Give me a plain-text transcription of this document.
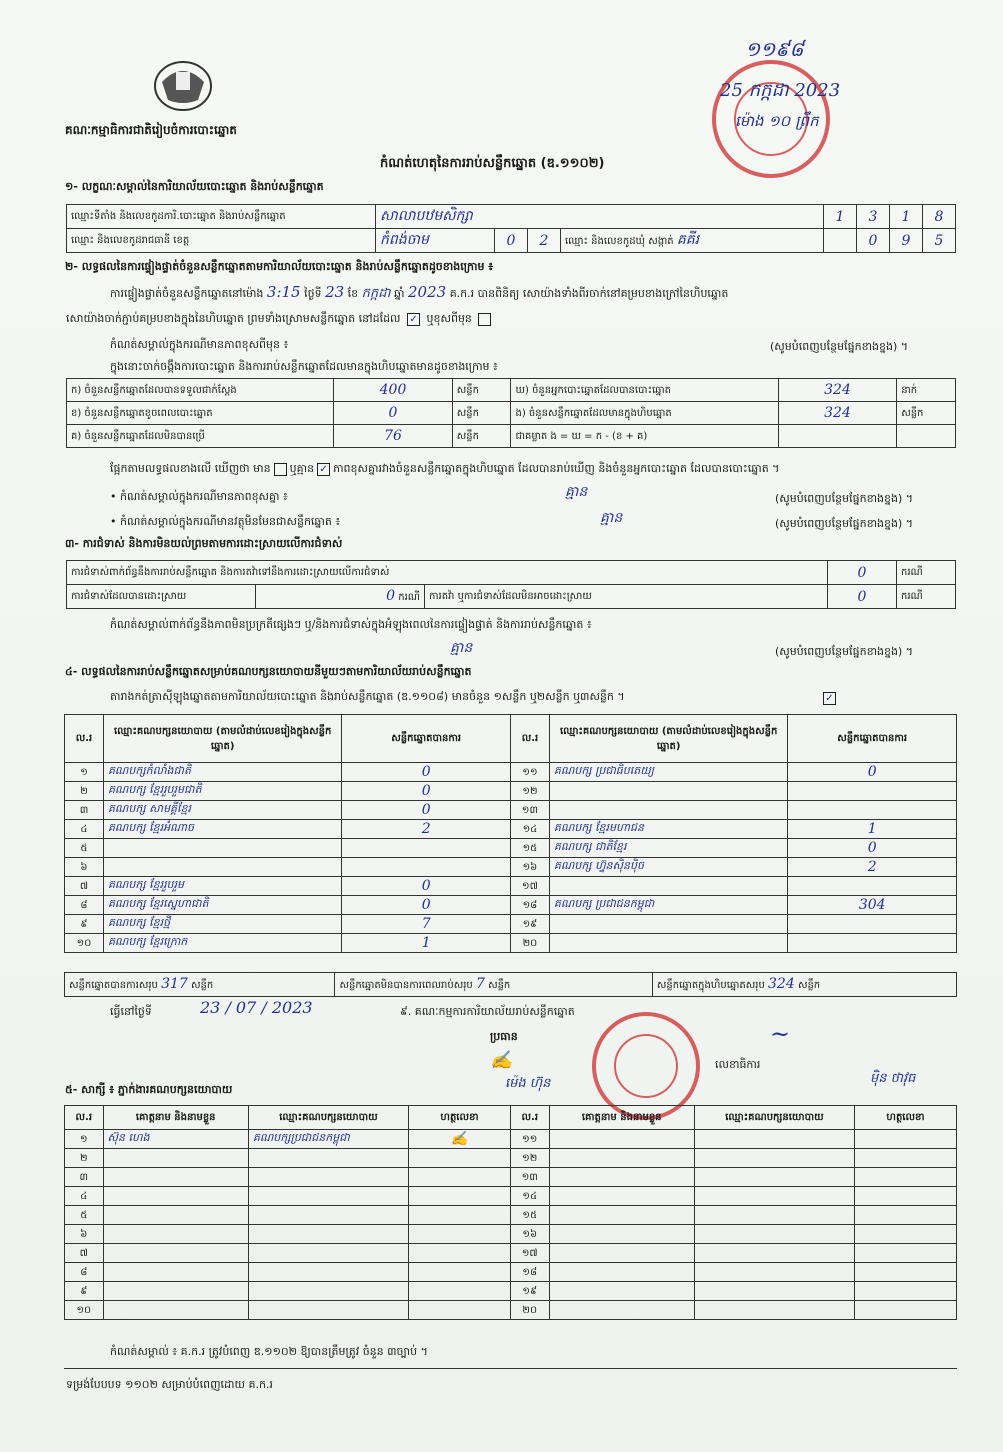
គណៈកម្មាធិការជាតិរៀបចំការបោះឆ្នោត
១១៩៨
25 កក្កដា 2023
ម៉ោង ១០ ព្រឹក
កំណត់ហេតុនៃការរាប់សន្លឹកឆ្នោត (ឌ.១១០២)
១- លក្ខណៈសម្គាល់នៃការិយាល័យបោះឆ្នោត និងរាប់សន្លឹកឆ្នោត
ឈ្មោះទីតាំង និងលេខកូដការិ.បោះឆ្នោត និងរាប់សន្លឹកឆ្នោត	សាលាបឋមសិក្សា				1	3	1	8
ឈ្មោះ និងលេខកូដរាជធានី ខេត្ត	កំពង់ចាម	0	2	ឈ្មោះ និងលេខកូដឃុំ សង្កាត់ គគីរ		0	9	5
២- លទ្ធផលនៃការផ្ទៀងផ្ទាត់ចំនួនសន្លឹកឆ្នោតតាមការិយាល័យបោះឆ្នោត និងរាប់សន្លឹកឆ្នោតដូចខាងក្រោម ៖
ការផ្ទៀងផ្ទាត់ចំនួនសន្លឹកឆ្នោតនៅម៉ោង 3:15 ថ្ងៃទី 23 ខែ កក្កដា ឆ្នាំ 2023 គ.ក.រ បានពិនិត្យ សោយ៉ាងទាំងពីរចាក់នៅគម្របខាងក្រៅនៃហិបឆ្នោត
សោយ៉ាងចាក់ភ្ជាប់គម្របខាងក្នុងនៃហិបឆ្នោត ព្រមទាំងស្រោមសន្លឹកឆ្នោត នៅដដែល ✓ ឬខុសពីមុន
កំណត់សម្គាល់ក្នុងករណីមានភាពខុសពីមុន ៖	(សូមបំពេញបន្ថែមផ្នែកខាងខ្នង) ។
ក្នុងនោះចាក់ចង្កឹងការបោះឆ្នោត និងការរាប់សន្លឹកឆ្នោតដែលមានក្នុងហិបឆ្នោតមានដូចខាងក្រោម ៖
ក) ចំនួនសន្លឹកឆ្នោតដែលបានទទួលជាក់ស្តែង	400	សន្លឹក	ឃ) ចំនួនអ្នកបោះឆ្នោតដែលបានបោះឆ្នោត	324	នាក់
ខ) ចំនួនសន្លឹកឆ្នោតខូចពេលបោះឆ្នោត	0	សន្លឹក	ង) ចំនួនសន្លឹកឆ្នោតដែលមានក្នុងហិបឆ្នោត	324	សន្លឹក
គ) ចំនួនសន្លឹកឆ្នោតដែលមិនបានប្រើ	76	សន្លឹក	ជាគម្លាត ង = ឃ = ក - (ខ + គ)		
ផ្អែកតាមលទ្ធផលខាងលើ ឃើញថា មាន ឬគ្មាន ✓ ភាពខុសគ្នារវាងចំនួនសន្លឹកឆ្នោតក្នុងហិបឆ្នោត ដែលបានរាប់ឃើញ និងចំនួនអ្នកបោះឆ្នោត ដែលបានបោះឆ្នោត ។
• កំណត់សម្គាល់ក្នុងករណីមានភាពខុសគ្នា ៖	គ្មាន	(សូមបំពេញបន្ថែមផ្នែកខាងខ្នង) ។
• កំណត់សម្គាល់ក្នុងករណីមានវត្ថុមិនមែនជាសន្លឹកឆ្នោត ៖	គ្មាន	(សូមបំពេញបន្ថែមផ្នែកខាងខ្នង) ។
៣- ការជំទាស់ និងការមិនយល់ព្រមតាមការដោះស្រាយលើការជំទាស់
ការជំទាស់ពាក់ព័ន្ធនឹងការរាប់សន្លឹកឆ្នោត និងការតវ៉ាទៅនឹងការដោះស្រាយលើការជំទាស់			0	ករណី
ការជំទាស់ដែលបានដោះស្រាយ	0 ករណី	ការតវ៉ា ឬការជំទាស់ដែលមិនអាចដោះស្រាយ	0	ករណី
កំណត់សម្គាល់ពាក់ព័ន្ធនឹងភាពមិនប្រក្រតីផ្សេងៗ ឬ/និងការជំទាស់ក្នុងអំឡុងពេលនៃការផ្ទៀងផ្ទាត់ និងការរាប់សន្លឹកឆ្នោត ៖
គ្មាន	(សូមបំពេញបន្ថែមផ្នែកខាងខ្នង) ។
៤- លទ្ធផលនៃការរាប់សន្លឹកឆ្នោតសម្រាប់គណបក្សនយោបាយនីមួយៗតាមការិយាល័យរាប់សន្លឹកឆ្នោត
តារាងកត់ត្រាស៊ីឡុងឆ្នោតតាមការិយាល័យបោះឆ្នោត និងរាប់សន្លឹកឆ្នោត (ឌ.១១០៨) មានចំនួន ១សន្លឹក ឬ២សន្លឹក ឬ៣សន្លឹក ។	✓
ល.រ	ឈ្មោះគណបក្សនយោបាយ (តាមលំដាប់លេខរៀងក្នុងសន្លឹកឆ្នោត)	សន្លឹកឆ្នោតបានការ	ល.រ	ឈ្មោះគណបក្សនយោបាយ (តាមលំដាប់លេខរៀងក្នុងសន្លឹកឆ្នោត)	សន្លឹកឆ្នោតបានការ
១	គណបក្សកំលាំងជាតិ	0	១១	គណបក្ស ប្រជាធិបតេយ្យ	0
២	គណបក្ស ខ្មែររួបរួមជាតិ	0	១២		
៣	គណបក្ស សាមគ្គីខ្មែរ	0	១៣		
៤	គណបក្ស ខ្មែរអំណាច	2	១៤	គណបក្ស ខ្មែរមហាជន	1
៥			១៥	គណបក្ស ជាតិខ្មែរ	0
៦			១៦	គណបក្ស ហ្វ៊ុនស៊ិនប៉ិច	2
៧	គណបក្ស ខ្មែររួបរួម	0	១៧		
៨	គណបក្ស ខ្មែរស្នេហាជាតិ	0	១៨	គណបក្ស ប្រជាជនកម្ពុជា	304
៩	គណបក្ស ខ្មែរថ្មី	7	១៩		
១០	គណបក្ស ខ្មែរក្រោក	1	២០		
សន្លឹកឆ្នោតបានការសរុប 317 សន្លឹក	សន្លឹកឆ្នោតមិនបានការពេលរាប់សរុប 7 សន្លឹក	សន្លឹកឆ្នោតក្នុងហិបឆ្នោតសរុប 324 សន្លឹក
ធ្វើនៅថ្ងៃទី	23 / 07 / 2023	៩. គណៈកម្មការការិយាល័យរាប់សន្លឹកឆ្នោត
ប្រធាន
✍
ម៉េង ហ៊ុន
លេខាធិការ
~
ម៉ិន ថាវុធ
៥- សាក្សី ៖ ភ្នាក់ងារគណបក្សនយោបាយ
ល.រ	គោត្តនាម និងនាមខ្លួន	ឈ្មោះគណបក្សនយោបាយ	ហត្ថលេខា	ល.រ	គោត្តនាម និងនាមខ្លួន	ឈ្មោះគណបក្សនយោបាយ	ហត្ថលេខា
១	ស៊ុន ហេង	គណបក្សប្រជាជនកម្ពុជា	✍	១១			
២				១២			
៣				១៣			
៤				១៤			
៥				១៥			
៦				១៦			
៧				១៧			
៨				១៨			
៩				១៩			
១០				២០			
កំណត់សម្គាល់ ៖ គ.ក.រ ត្រូវបំពេញ ឌ.១១០២ ឱ្យបានត្រឹមត្រូវ ចំនួន ៣ច្បាប់ ។
ទម្រង់បែបបទ ១១០២ សម្រាប់បំពេញដោយ គ.ក.រ
